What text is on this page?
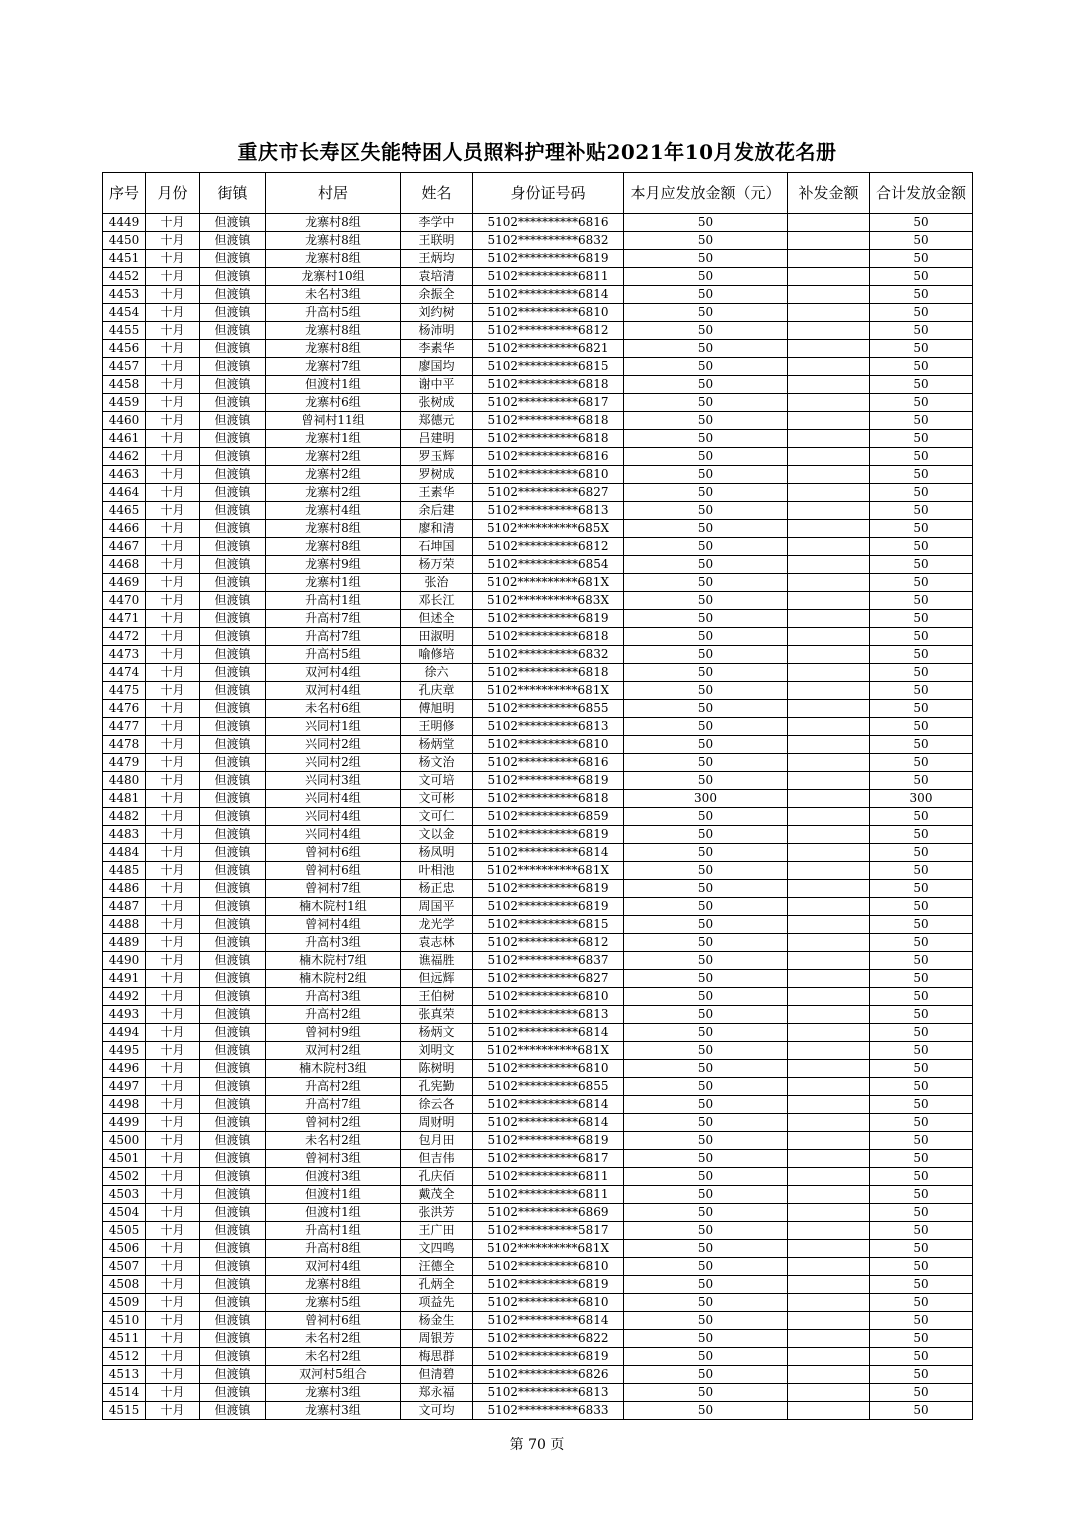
重庆市长寿区失能特困人员照料护理补贴2021年10月发放花名册
序号	月份	街镇	村居	姓名	身份证号码	本月应发放金额（元）	补发金额	合计发放金额
4449	十月	但渡镇	龙寨村8组	李学中	5102**********6816	50		50
4450	十月	但渡镇	龙寨村8组	王联明	5102**********6832	50		50
4451	十月	但渡镇	龙寨村8组	王炳均	5102**********6819	50		50
4452	十月	但渡镇	龙寨村10组	袁培清	5102**********6811	50		50
4453	十月	但渡镇	未名村3组	余振全	5102**********6814	50		50
4454	十月	但渡镇	升高村5组	刘约树	5102**********6810	50		50
4455	十月	但渡镇	龙寨村8组	杨沛明	5102**********6812	50		50
4456	十月	但渡镇	龙寨村8组	李素华	5102**********6821	50		50
4457	十月	但渡镇	龙寨村7组	廖国均	5102**********6815	50		50
4458	十月	但渡镇	但渡村1组	谢中平	5102**********6818	50		50
4459	十月	但渡镇	龙寨村6组	张树成	5102**********6817	50		50
4460	十月	但渡镇	曾祠村11组	郑德元	5102**********6818	50		50
4461	十月	但渡镇	龙寨村1组	吕建明	5102**********6818	50		50
4462	十月	但渡镇	龙寨村2组	罗玉辉	5102**********6816	50		50
4463	十月	但渡镇	龙寨村2组	罗树成	5102**********6810	50		50
4464	十月	但渡镇	龙寨村2组	王素华	5102**********6827	50		50
4465	十月	但渡镇	龙寨村4组	余后建	5102**********6813	50		50
4466	十月	但渡镇	龙寨村8组	廖和清	5102**********685X	50		50
4467	十月	但渡镇	龙寨村8组	石坤国	5102**********6812	50		50
4468	十月	但渡镇	龙寨村9组	杨万荣	5102**********6854	50		50
4469	十月	但渡镇	龙寨村1组	张治	5102**********681X	50		50
4470	十月	但渡镇	升高村1组	邓长江	5102**********683X	50		50
4471	十月	但渡镇	升高村7组	但述全	5102**********6819	50		50
4472	十月	但渡镇	升高村7组	田淑明	5102**********6818	50		50
4473	十月	但渡镇	升高村5组	喻修培	5102**********6832	50		50
4474	十月	但渡镇	双河村4组	徐六	5102**********6818	50		50
4475	十月	但渡镇	双河村4组	孔庆章	5102**********681X	50		50
4476	十月	但渡镇	未名村6组	傅旭明	5102**********6855	50		50
4477	十月	但渡镇	兴同村1组	王明修	5102**********6813	50		50
4478	十月	但渡镇	兴同村2组	杨炳堂	5102**********6810	50		50
4479	十月	但渡镇	兴同村2组	杨文治	5102**********6816	50		50
4480	十月	但渡镇	兴同村3组	文可培	5102**********6819	50		50
4481	十月	但渡镇	兴同村4组	文可彬	5102**********6818	300		300
4482	十月	但渡镇	兴同村4组	文可仁	5102**********6859	50		50
4483	十月	但渡镇	兴同村4组	文以金	5102**********6819	50		50
4484	十月	但渡镇	曾祠村6组	杨凤明	5102**********6814	50		50
4485	十月	但渡镇	曾祠村6组	叶相池	5102**********681X	50		50
4486	十月	但渡镇	曾祠村7组	杨正忠	5102**********6819	50		50
4487	十月	但渡镇	楠木院村1组	周国平	5102**********6819	50		50
4488	十月	但渡镇	曾祠村4组	龙光学	5102**********6815	50		50
4489	十月	但渡镇	升高村3组	袁志林	5102**********6812	50		50
4490	十月	但渡镇	楠木院村7组	谯福胜	5102**********6837	50		50
4491	十月	但渡镇	楠木院村2组	但远辉	5102**********6827	50		50
4492	十月	但渡镇	升高村3组	王伯树	5102**********6810	50		50
4493	十月	但渡镇	升高村2组	张真荣	5102**********6813	50		50
4494	十月	但渡镇	曾祠村9组	杨炳文	5102**********6814	50		50
4495	十月	但渡镇	双河村2组	刘明文	5102**********681X	50		50
4496	十月	但渡镇	楠木院村3组	陈树明	5102**********6810	50		50
4497	十月	但渡镇	升高村2组	孔宪勤	5102**********6855	50		50
4498	十月	但渡镇	升高村7组	徐云各	5102**********6814	50		50
4499	十月	但渡镇	曾祠村2组	周财明	5102**********6814	50		50
4500	十月	但渡镇	未名村2组	包月田	5102**********6819	50		50
4501	十月	但渡镇	曾祠村3组	但吉伟	5102**********6817	50		50
4502	十月	但渡镇	但渡村3组	孔庆佰	5102**********6811	50		50
4503	十月	但渡镇	但渡村1组	戴茂全	5102**********6811	50		50
4504	十月	但渡镇	但渡村1组	张洪芳	5102**********6869	50		50
4505	十月	但渡镇	升高村1组	王广田	5102**********5817	50		50
4506	十月	但渡镇	升高村8组	文四鸣	5102**********681X	50		50
4507	十月	但渡镇	双河村4组	汪德全	5102**********6810	50		50
4508	十月	但渡镇	龙寨村8组	孔炳全	5102**********6819	50		50
4509	十月	但渡镇	龙寨村5组	项益先	5102**********6810	50		50
4510	十月	但渡镇	曾祠村6组	杨金生	5102**********6814	50		50
4511	十月	但渡镇	未名村2组	周银芳	5102**********6822	50		50
4512	十月	但渡镇	未名村2组	梅思群	5102**********6819	50		50
4513	十月	但渡镇	双河村5组合	但清碧	5102**********6826	50		50
4514	十月	但渡镇	龙寨村3组	郑永福	5102**********6813	50		50
4515	十月	但渡镇	龙寨村3组	文可均	5102**********6833	50		50
第 70 页
